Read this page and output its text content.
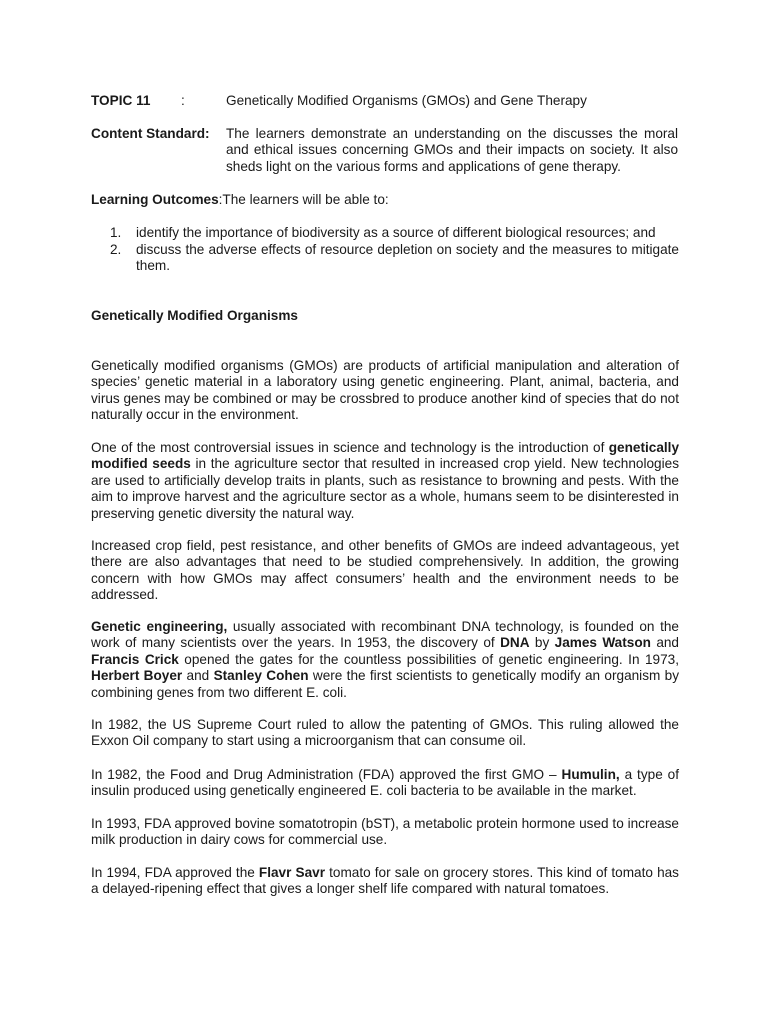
TOPIC 11 :	Genetically Modified Organisms (GMOs) and Gene Therapy
Content Standard: The learners demonstrate an understanding on the discusses the moral and ethical issues concerning GMOs and their impacts on society. It also sheds light on the various forms and applications of gene therapy.
Learning Outcomes:The learners will be able to:
1. identify the importance of biodiversity as a source of different biological resources; and
2. discuss the adverse effects of resource depletion on society and the measures to mitigate them.
Genetically Modified Organisms
Genetically modified organisms (GMOs) are products of artificial manipulation and alteration of species’ genetic material in a laboratory using genetic engineering. Plant, animal, bacteria, and virus genes may be combined or may be crossbred to produce another kind of species that do not naturally occur in the environment.
One of the most controversial issues in science and technology is the introduction of genetically modified seeds in the agriculture sector that resulted in increased crop yield. New technologies are used to artificially develop traits in plants, such as resistance to browning and pests. With the aim to improve harvest and the agriculture sector as a whole, humans seem to be disinterested in preserving genetic diversity the natural way.
Increased crop field, pest resistance, and other benefits of GMOs are indeed advantageous, yet there are also advantages that need to be studied comprehensively. In addition, the growing concern with how GMOs may affect consumers’ health and the environment needs to be addressed.
Genetic engineering, usually associated with recombinant DNA technology, is founded on the work of many scientists over the years. In 1953, the discovery of DNA by James Watson and Francis Crick opened the gates for the countless possibilities of genetic engineering. In 1973, Herbert Boyer and Stanley Cohen were the first scientists to genetically modify an organism by combining genes from two different E. coli.
In 1982, the US Supreme Court ruled to allow the patenting of GMOs. This ruling allowed the Exxon Oil company to start using a microorganism that can consume oil.
In 1982, the Food and Drug Administration (FDA) approved the first GMO – Humulin, a type of insulin produced using genetically engineered E. coli bacteria to be available in the market.
In 1993, FDA approved bovine somatotropin (bST), a metabolic protein hormone used to increase milk production in dairy cows for commercial use.
In 1994, FDA approved the Flavr Savr tomato for sale on grocery stores. This kind of tomato has a delayed-ripening effect that gives a longer shelf life compared with natural tomatoes.
